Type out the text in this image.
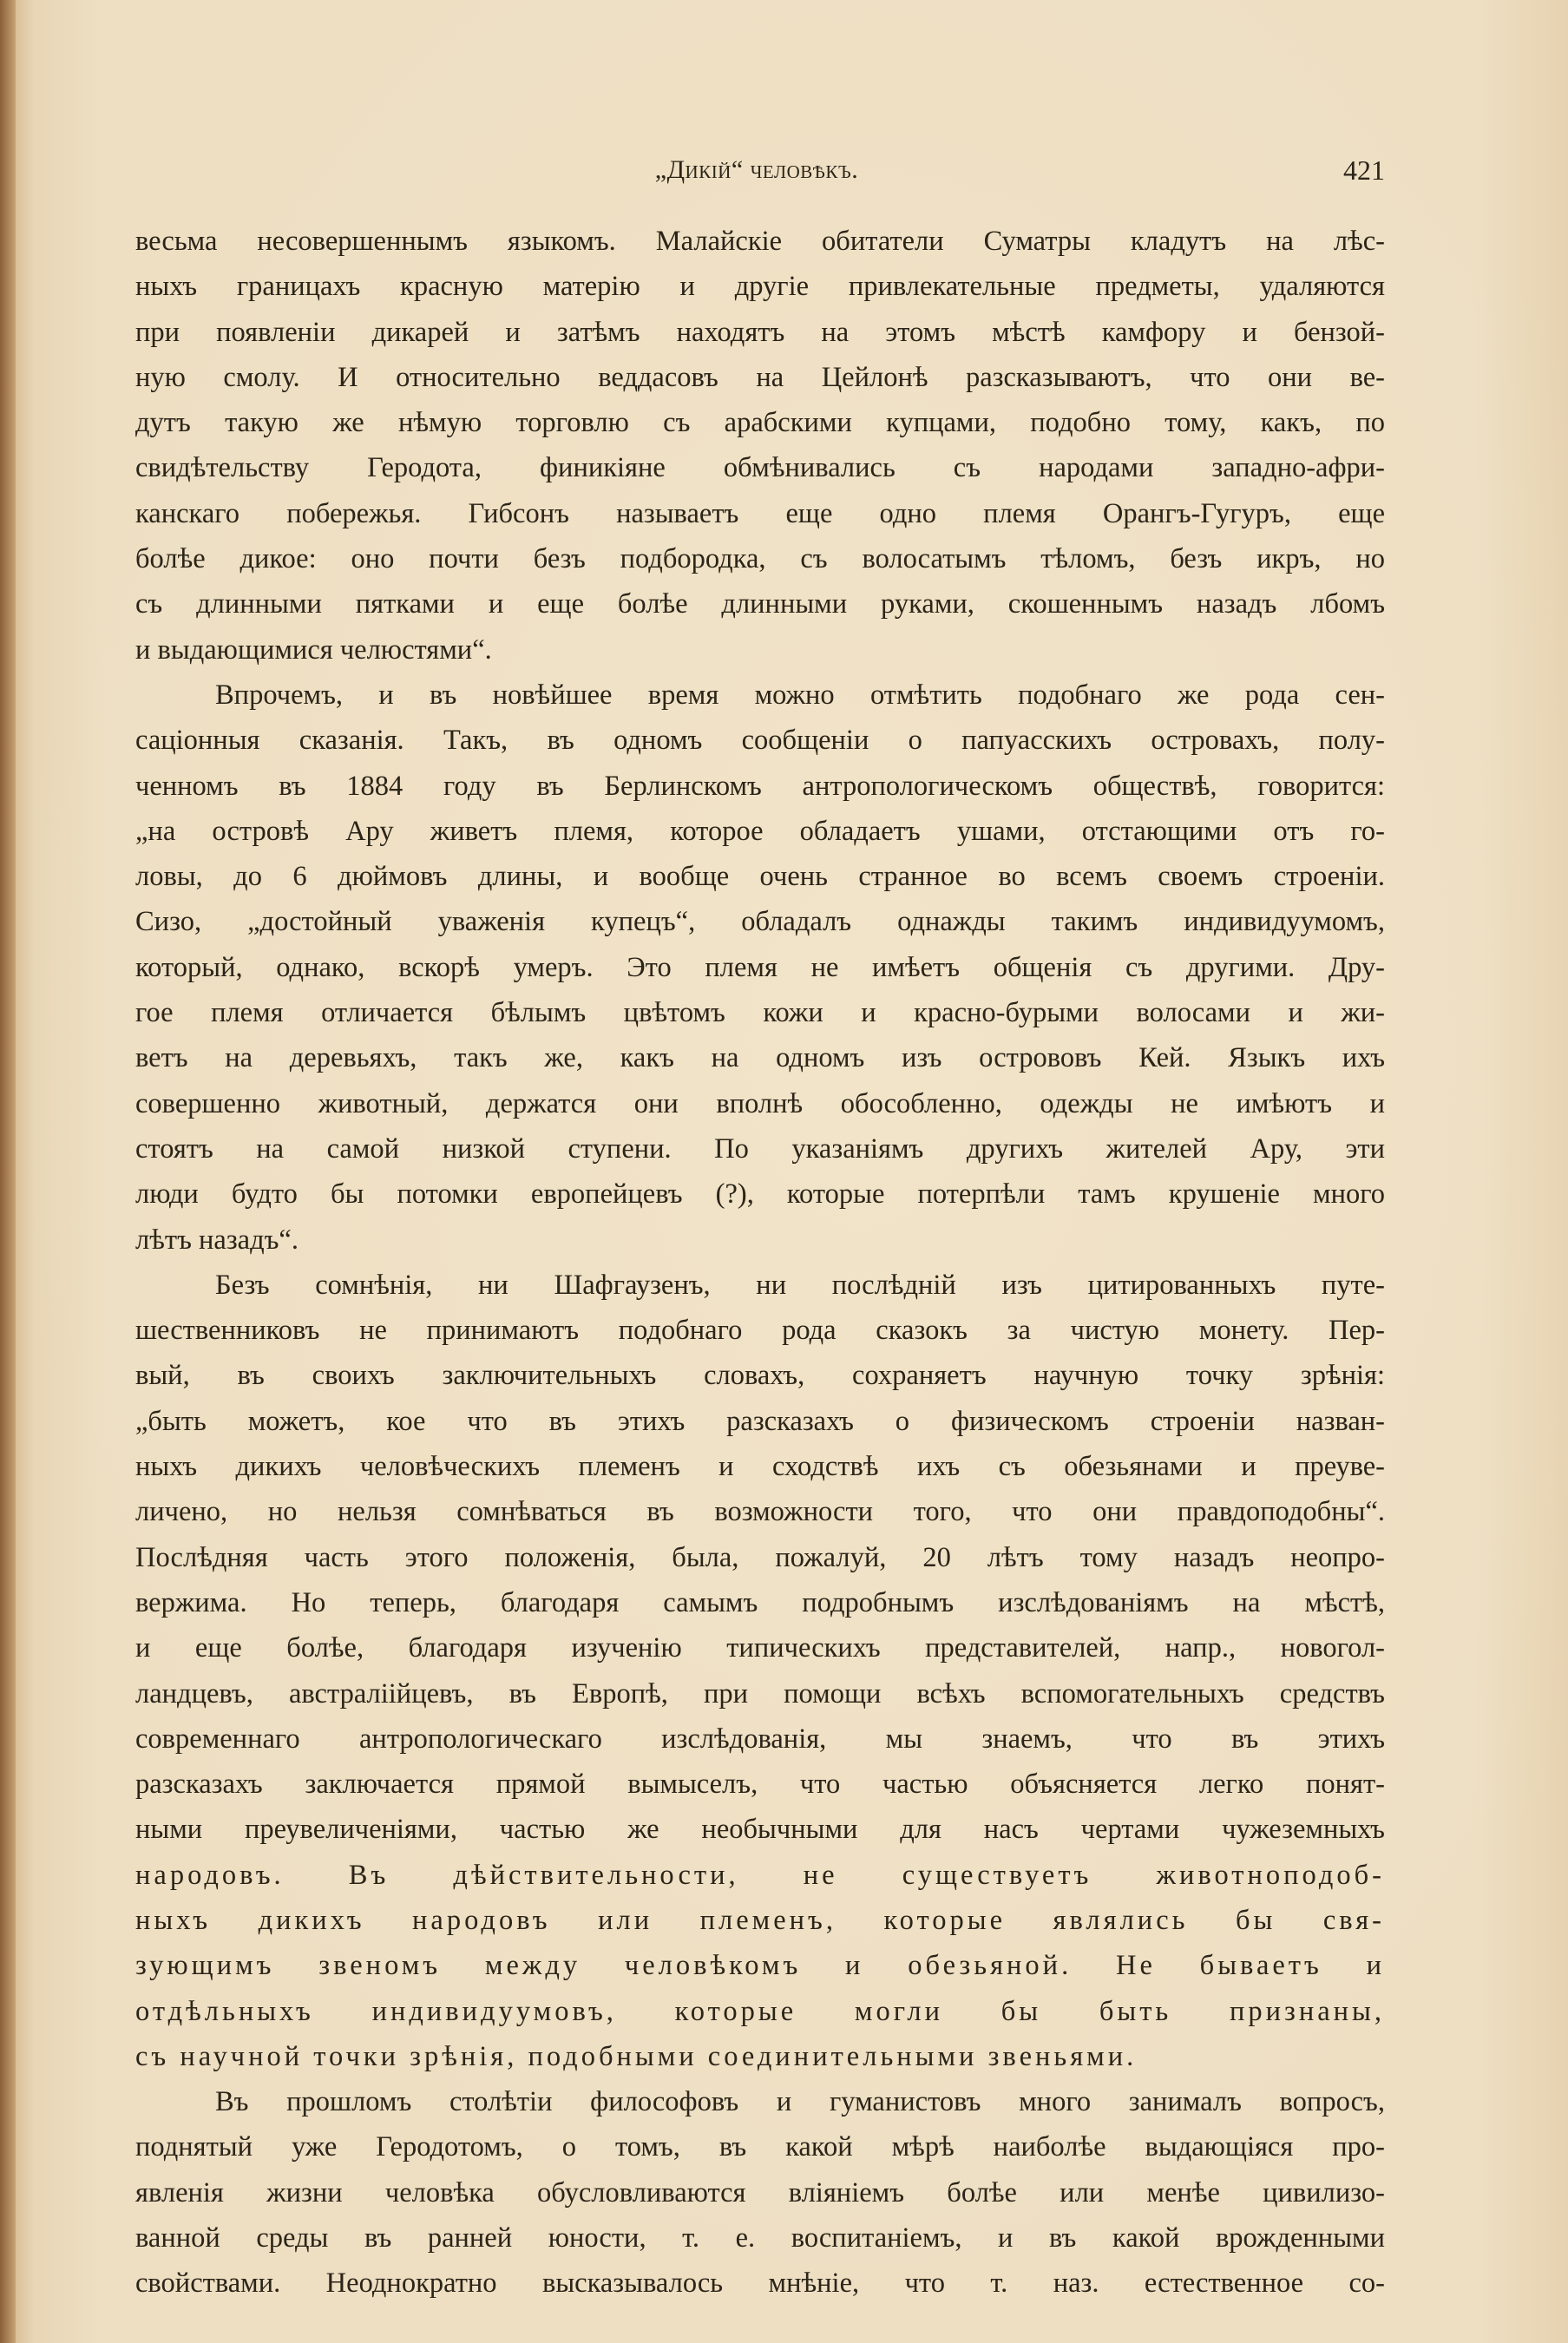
„Дикій“ человѣкъ.	421
весьма несовершеннымъ языкомъ. Малайскіе обитатели Суматры кладутъ на лѣс-
ныхъ границахъ красную матерію и другіе привлекательные предметы, удаляются
при появленіи дикарей и затѣмъ находятъ на этомъ мѣстѣ камфору и бензой-
ную смолу. И относительно веддасовъ на Цейлонѣ разсказываютъ, что они ве-
дутъ такую же нѣмую торговлю съ арабскими купцами, подобно тому, какъ, по
свидѣтельству Геродота, финикіяне обмѣнивались съ народами западно-афри-
канскаго побережья. Гибсонъ называетъ еще одно племя Орангъ-Гугуръ, еще
болѣе дикое: оно почти безъ подбородка, съ волосатымъ тѣломъ, безъ икръ, но
съ длинными пятками и еще болѣе длинными руками, скошеннымъ назадъ лбомъ
и выдающимися челюстями“.
Впрочемъ, и въ новѣйшее время можно отмѣтить подобнаго же рода сен-
саціонныя сказанія. Такъ, въ одномъ сообщеніи о папуасскихъ островахъ, полу-
ченномъ въ 1884 году въ Берлинскомъ антропологическомъ обществѣ, говорится:
„на островѣ Ару живетъ племя, которое обладаетъ ушами, отстающими отъ го-
ловы, до 6 дюймовъ длины, и вообще очень странное во всемъ своемъ строеніи.
Сизо, „достойный уваженія купецъ“, обладалъ однажды такимъ индивидуумомъ,
который, однако, вскорѣ умеръ. Это племя не имѣетъ общенія съ другими. Дру-
гое племя отличается бѣлымъ цвѣтомъ кожи и красно-бурыми волосами и жи-
ветъ на деревьяхъ, такъ же, какъ на одномъ изъ острововъ Кей. Языкъ ихъ
совершенно животный, держатся они вполнѣ обособленно, одежды не имѣютъ и
стоятъ на самой низкой ступени. По указаніямъ другихъ жителей Ару, эти
люди будто бы потомки европейцевъ (?), которые потерпѣли тамъ крушеніе много
лѣтъ назадъ“.
Безъ сомнѣнія, ни Шафгаузенъ, ни послѣдній изъ цитированныхъ путе-
шественниковъ не принимаютъ подобнаго рода сказокъ за чистую монету. Пер-
вый, въ своихъ заключительныхъ словахъ, сохраняетъ научную точку зрѣнія:
„быть можетъ, кое что въ этихъ разсказахъ о физическомъ строеніи назван-
ныхъ дикихъ человѣческихъ племенъ и сходствѣ ихъ съ обезьянами и преуве-
личено, но нельзя сомнѣваться въ возможности того, что они правдоподобны“.
Послѣдняя часть этого положенія, была, пожалуй, 20 лѣтъ тому назадъ неопро-
вержима. Но теперь, благодаря самымъ подробнымъ изслѣдованіямъ на мѣстѣ,
и еще болѣе, благодаря изученію типическихъ представителей, напр., новогол-
ландцевъ, австраліійцевъ, въ Европѣ, при помощи всѣхъ вспомогательныхъ средствъ
современнаго антропологическаго изслѣдованія, мы знаемъ, что въ этихъ
разсказахъ заключается прямой вымыселъ, что частью объясняется легко понят-
ными преувеличеніями, частью же необычными для насъ чертами чужеземныхъ
народовъ. Въ дѣйствительности, не существуетъ животноподоб-
ныхъ дикихъ народовъ или племенъ, которые являлись бы свя-
зующимъ звеномъ между человѣкомъ и обезьяной. Не бываетъ и
отдѣльныхъ индивидуумовъ, которые могли бы быть признаны,
съ научной точки зрѣнія, подобными соединительными звеньями.
Въ прошломъ столѣтіи философовъ и гуманистовъ много занималъ вопросъ,
поднятый уже Геродотомъ, о томъ, въ какой мѣрѣ наиболѣе выдающіяся про-
явленія жизни человѣка обусловливаются вліяніемъ болѣе или менѣе цивилизо-
ванной среды въ ранней юности, т. е. воспитаніемъ, и въ какой врожденными
свойствами. Неоднократно высказывалось мнѣніе, что т. наз. естественное со-
